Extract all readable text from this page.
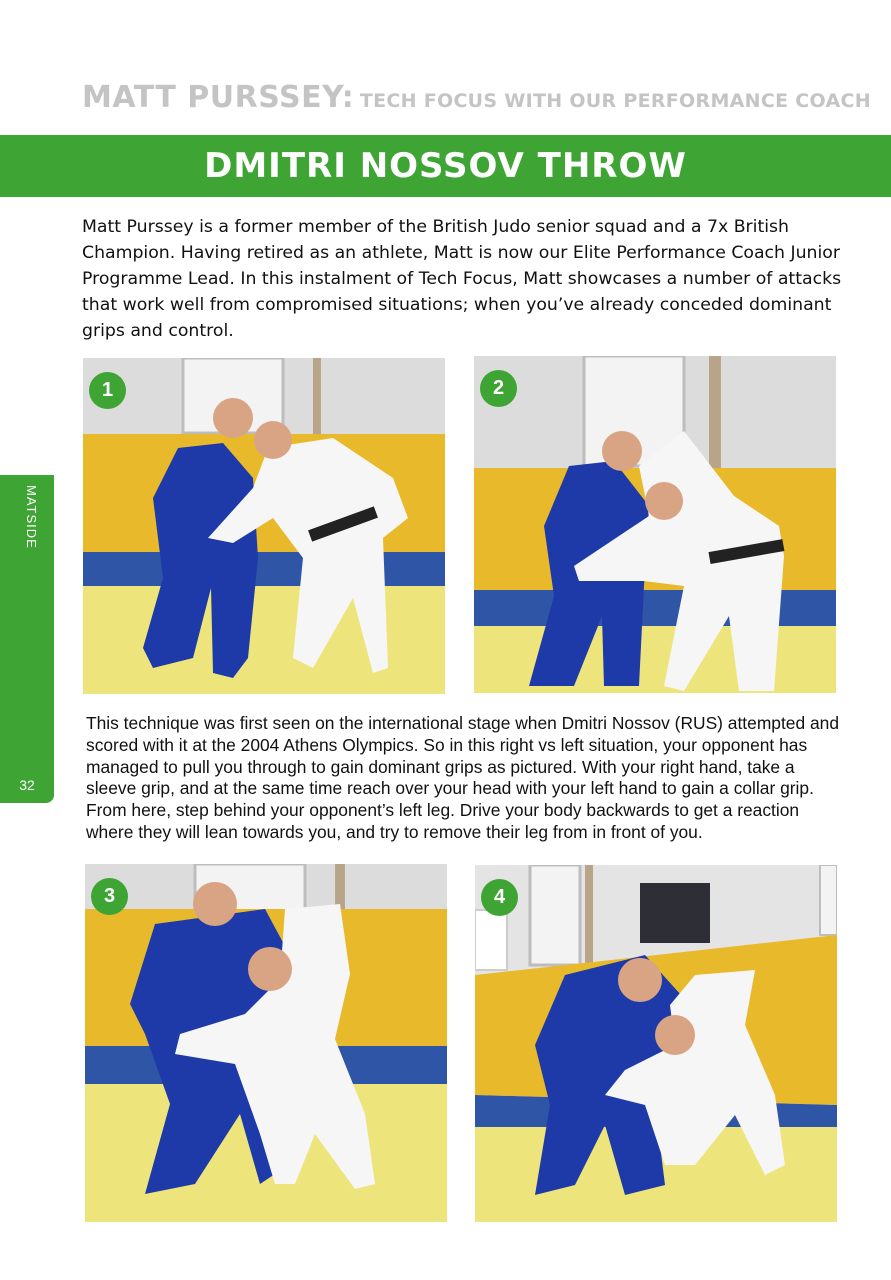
MATT PURSSEY: TECH FOCUS WITH OUR PERFORMANCE COACH
DMITRI NOSSOV THROW

Matt Purssey is a former member of the British Judo senior squad and a 7x British Champion. Having retired as an athlete, Matt is now our Elite Performance Coach Junior Programme Lead. In this instalment of Tech Focus, Matt showcases a number of attacks that work well from compromised situations; when you’ve already conceded dominant grips and control.

MATSIDE
32
1	2

This technique was first seen on the international stage when Dmitri Nossov (RUS) attempted and scored with it at the 2004 Athens Olympics. So in this right vs left situation, your opponent has managed to pull you through to gain dominant grips as pictured. With your right hand, take a sleeve grip, and at the same time reach over your head with your left hand to gain a collar grip. From here, step behind your opponent’s left leg. Drive your body backwards to get a reaction where they will lean towards you, and try to remove their leg from in front of you.

3	4
